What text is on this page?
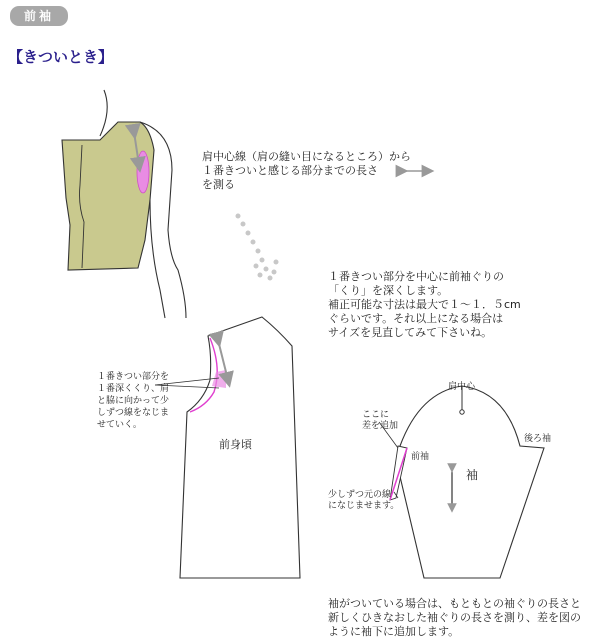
前袖
【きついとき】
肩中心線（肩の縫い目になるところ）から
１番きついと感じる部分までの長さ
を測る
１番きつい部分を中心に前袖ぐりの
「くり」を深くします。
補正可能な寸法は最大で１～１．５cm
ぐらいです。それ以上になる場合は
サイズを見直してみて下さいね。
１番きつい部分を
１番深くくり、肩
と脇に向かって少
しずつ線をなじま
せていく。
前身頃
肩中心
ここに
差を追加
後ろ袖
前袖
袖
少しずつ元の線
になじませます。
袖がついている場合は、もともとの袖ぐりの長さと
新しくひきなおした袖ぐりの長さを測り、差を図の
ように袖下に追加します。
